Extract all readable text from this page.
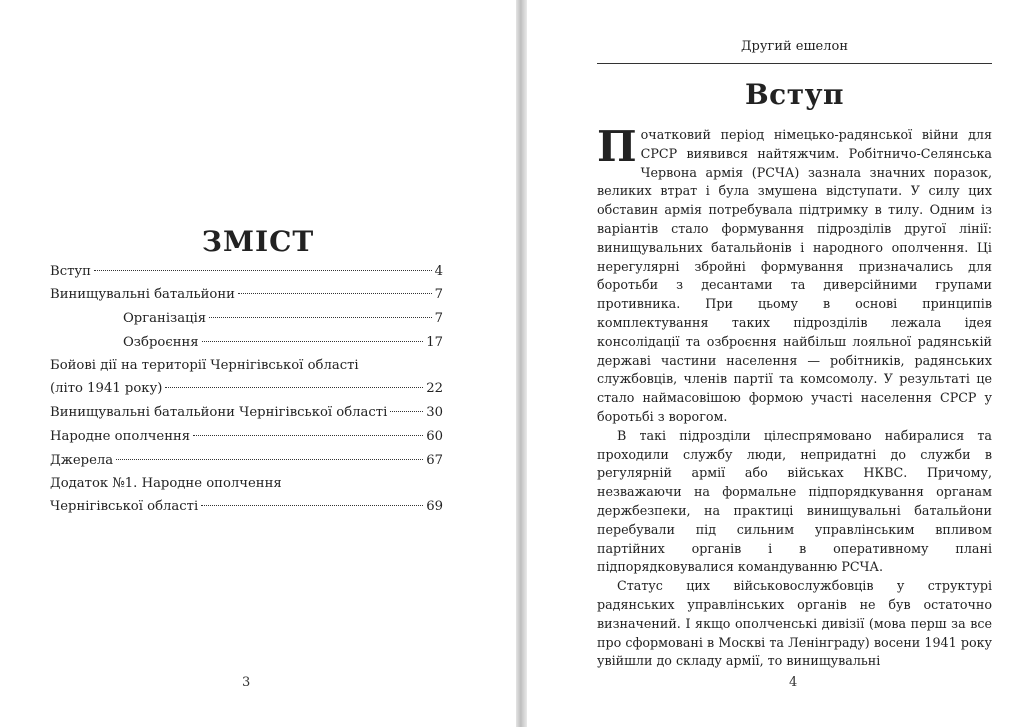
ЗМІСТ
Вступ	4
Винищувальні батальйони	7
Організація	7
Озброєння	17
Бойові дії на території Чернігівської області
(літо 1941 року)	22
Винищувальні батальйони Чернігівської області	30
Народне ополчення	60
Джерела	67
Додаток №1. Народне ополчення
Чернігівської області	69
3
Другий ешелон
Вступ

Початковий період німецько-радянської війни для СРСР виявився найтяжчим. Робітничо-Селянська Червона армія (РСЧА) зазнала значних поразок, великих втрат і була змушена відступати. У силу цих обставин армія потребувала підтримку в тилу. Одним із варіантів стало формування підрозділів другої лінії: винищувальних батальйонів і народного ополчення. Ці нерегулярні збройні формування призначались для боротьби з десантами та диверсійними групами противника. При цьому в основі принципів комплектування таких підрозділів лежала ідея консолідації та озброєння найбільш лояльної радянській державі частини населення — робітників, радянських службовців, членів партії та комсомолу. У результаті це стало наймасовішою формою участі населення СРСР у боротьбі з ворогом.

В такі підрозділи цілеспрямовано набиралися та проходили службу люди, непридатні до служби в регулярній армії або військах НКВС. Причому, незважаючи на формальне підпорядкування органам держбезпеки, на практиці винищувальні батальйони перебували під сильним управлінським впливом партійних органів і в оперативному плані підпорядковувалися командуванню РСЧА.

Статус цих військовослужбовців у структурі радянських управлінських органів не був остаточно визначений. І якщо ополченські дивізії (мова перш за все про сформовані в Москві та Ленінграду) восени 1941 року увійшли до складу армії, то винищувальні

4
